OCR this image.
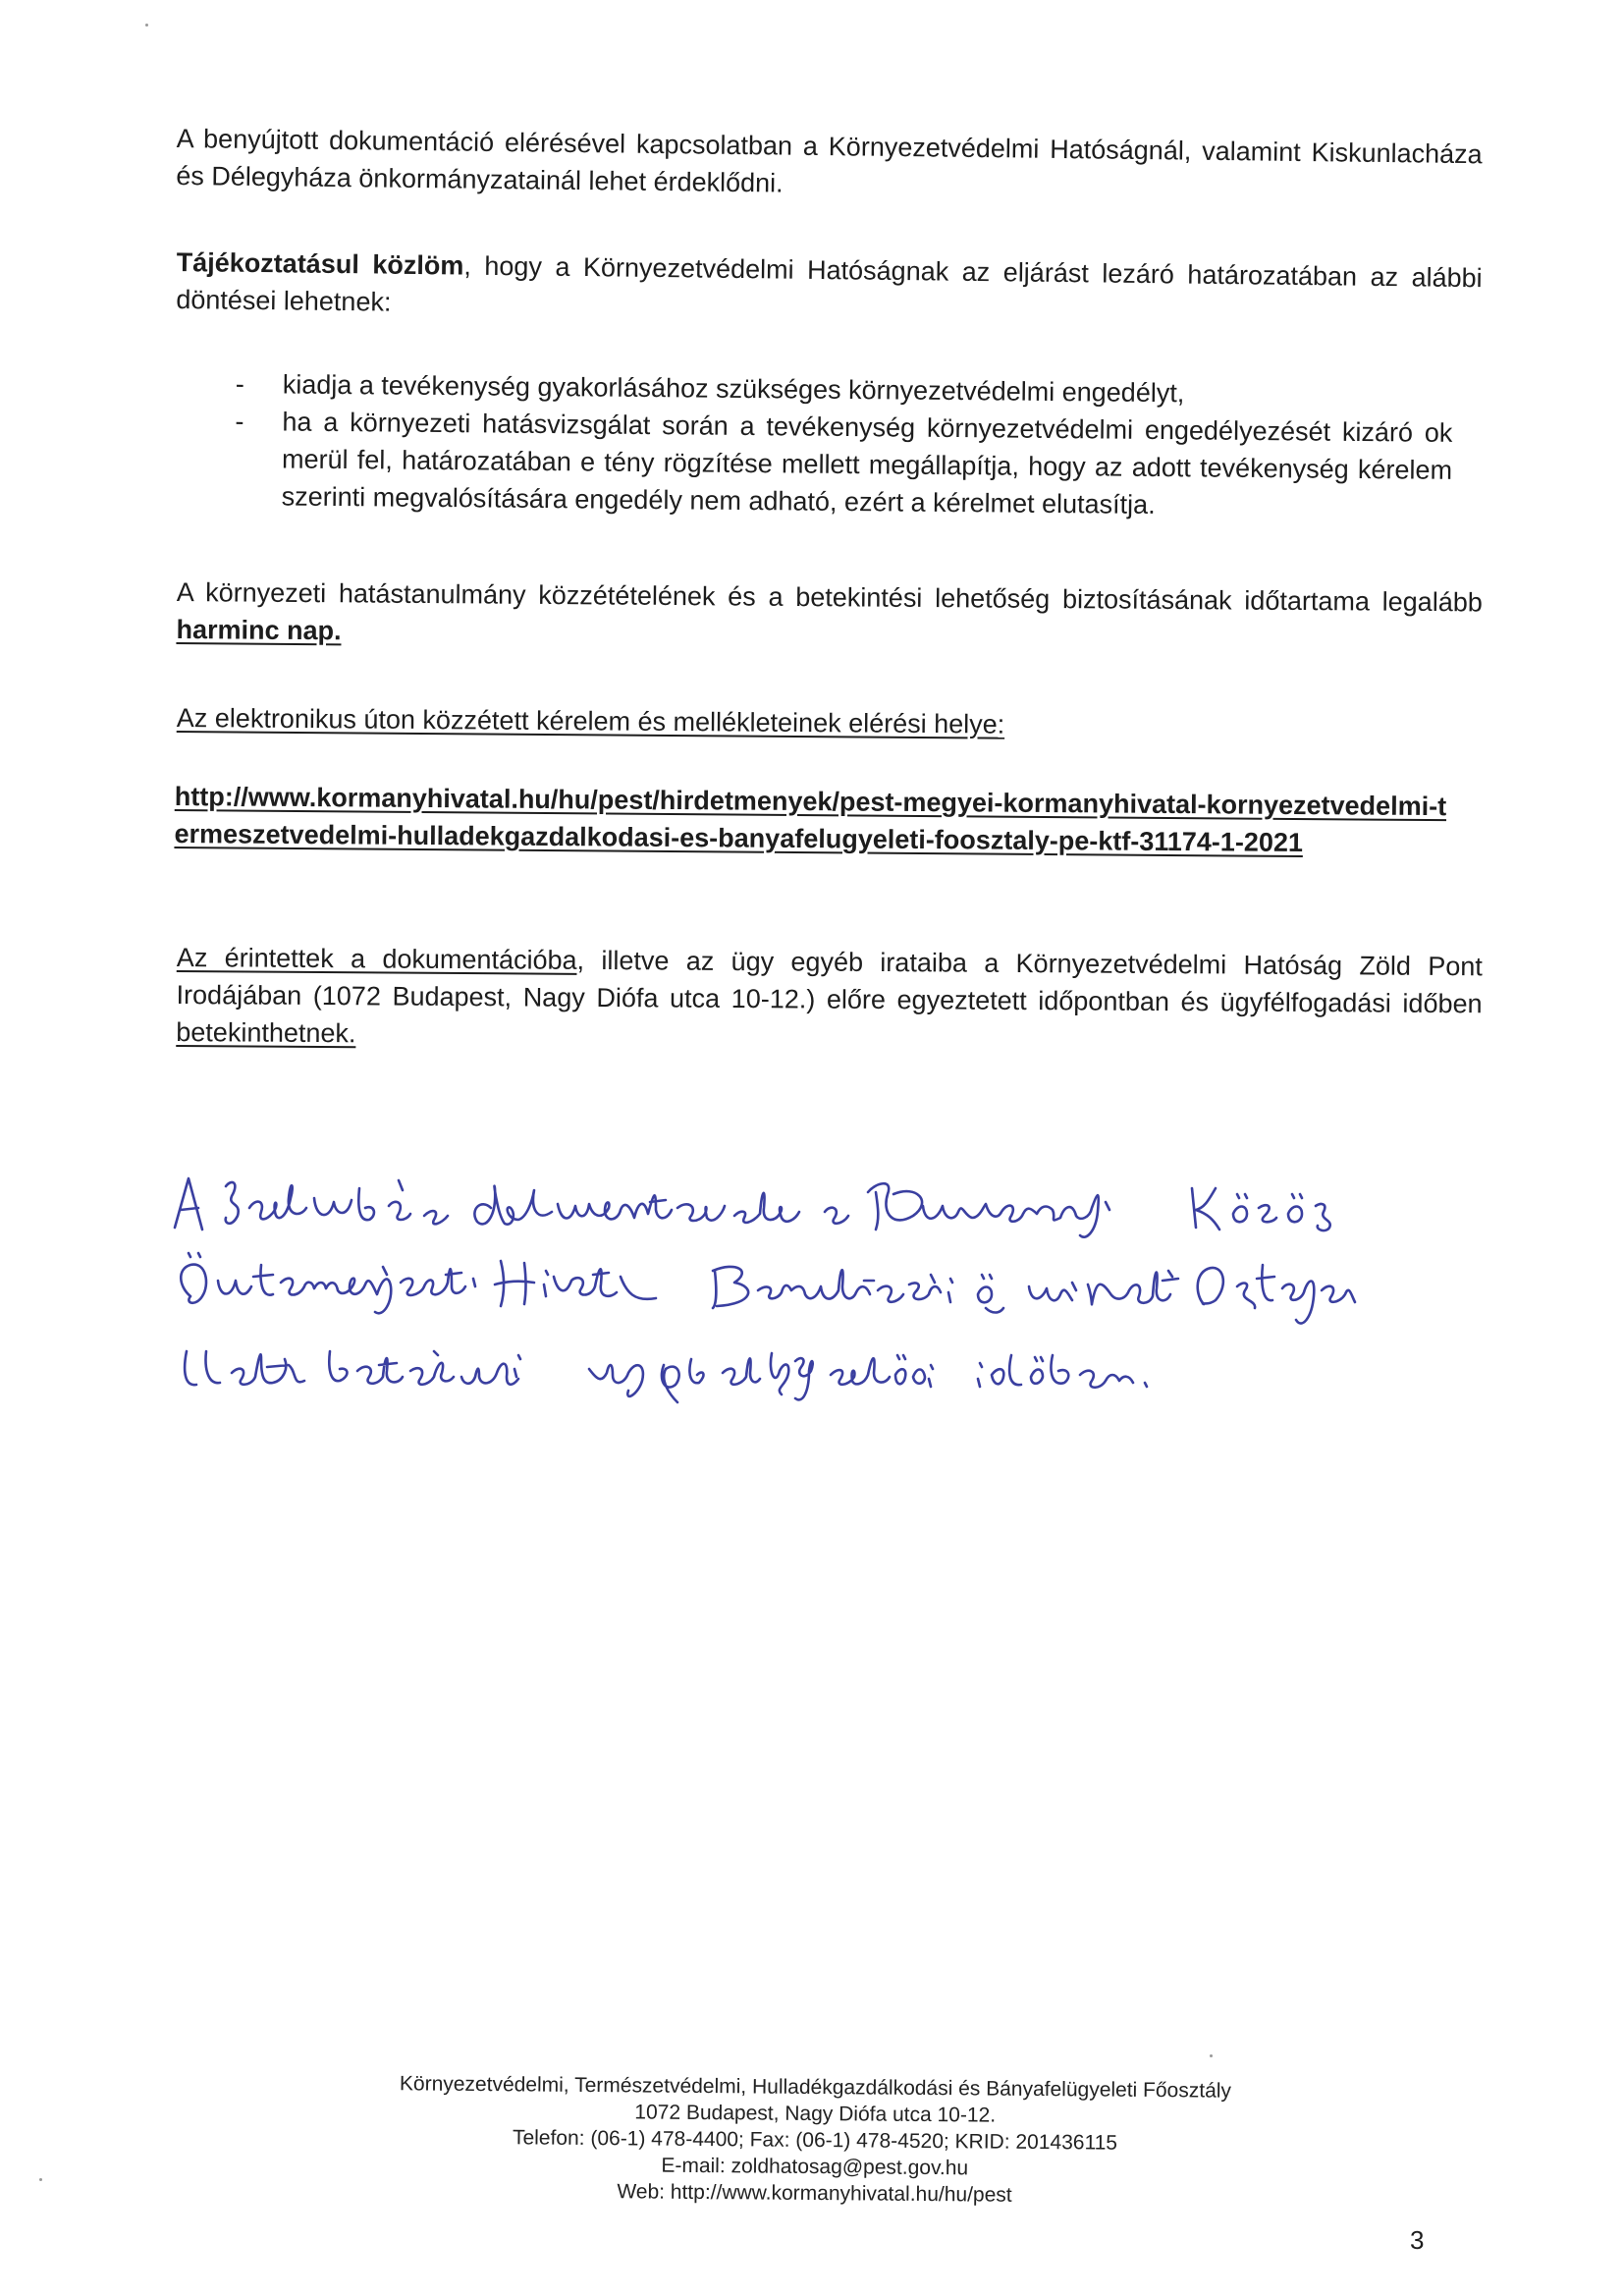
A benyújtott dokumentáció elérésével kapcsolatban a Környezetvédelmi Hatóságnál, valamint Kiskunlacháza és Délegyháza önkormányzatainál lehet érdeklődni.
Tájékoztatásul közlöm, hogy a Környezetvédelmi Hatóságnak az eljárást lezáró határozatában az alábbi döntései lehetnek:
- kiadja a tevékenység gyakorlásához szükséges környezetvédelmi engedélyt,
- ha a környezeti hatásvizsgálat során a tevékenység környezetvédelmi engedélyezését kizáró ok merül fel, határozatában e tény rögzítése mellett megállapítja, hogy az adott tevékenység kérelem szerinti megvalósítására engedély nem adható, ezért a kérelmet elutasítja.
A környezeti hatástanulmány közzétételének és a betekintési lehetőség biztosításának időtartama legalább harminc nap.
Az elektronikus úton közzétett kérelem és mellékleteinek elérési helye:
http://www.kormanyhivatal.hu/hu/pest/hirdetmenyek/pest-megyei-kormanyhivatal-kornyezetvedelmi-termeszetvedelmi-hulladekgazdalkodasi-es-banyafelugyeleti-foosztaly-pe-ktf-31174-1-2021
Az érintettek a dokumentációba, illetve az ügy egyéb irataiba a Környezetvédelmi Hatóság Zöld Pont Irodájában (1072 Budapest, Nagy Diófa utca 10-12.) előre egyeztetett időpontban és ügyfélfogadási időben betekinthetnek.
Környezetvédelmi, Természetvédelmi, Hulladékgazdálkodási és Bányafelügyeleti Főosztály
1072 Budapest, Nagy Diófa utca 10-12.
Telefon: (06-1) 478-4400; Fax: (06-1) 478-4520; KRID: 201436115
E-mail: zoldhatosag@pest.gov.hu
Web: http://www.kormanyhivatal.hu/hu/pest
3
